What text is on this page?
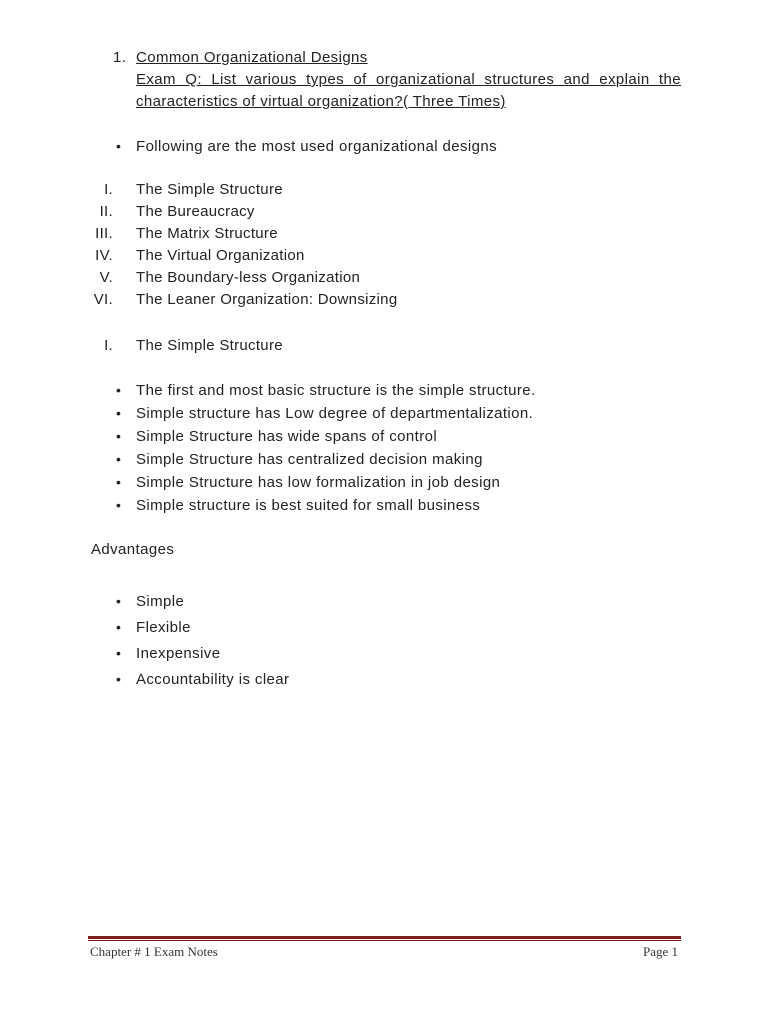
1. Common Organizational Designs
Exam Q: List various types of organizational structures and explain the
characteristics of virtual organization?( Three Times)
• Following are the most used organizational designs
I. The Simple Structure
II. The Bureaucracy
III. The Matrix Structure
IV. The Virtual Organization
V. The Boundary-less Organization
VI. The Leaner Organization: Downsizing
I. The Simple Structure
• The first and most basic structure is the simple structure.
• Simple structure has Low degree of departmentalization.
• Simple Structure has wide spans of control
• Simple Structure has centralized decision making
• Simple Structure has low formalization in job design
• Simple structure is best suited for small business
Advantages
• Simple
• Flexible
• Inexpensive
• Accountability is clear
Chapter # 1 Exam Notes	Page 1
